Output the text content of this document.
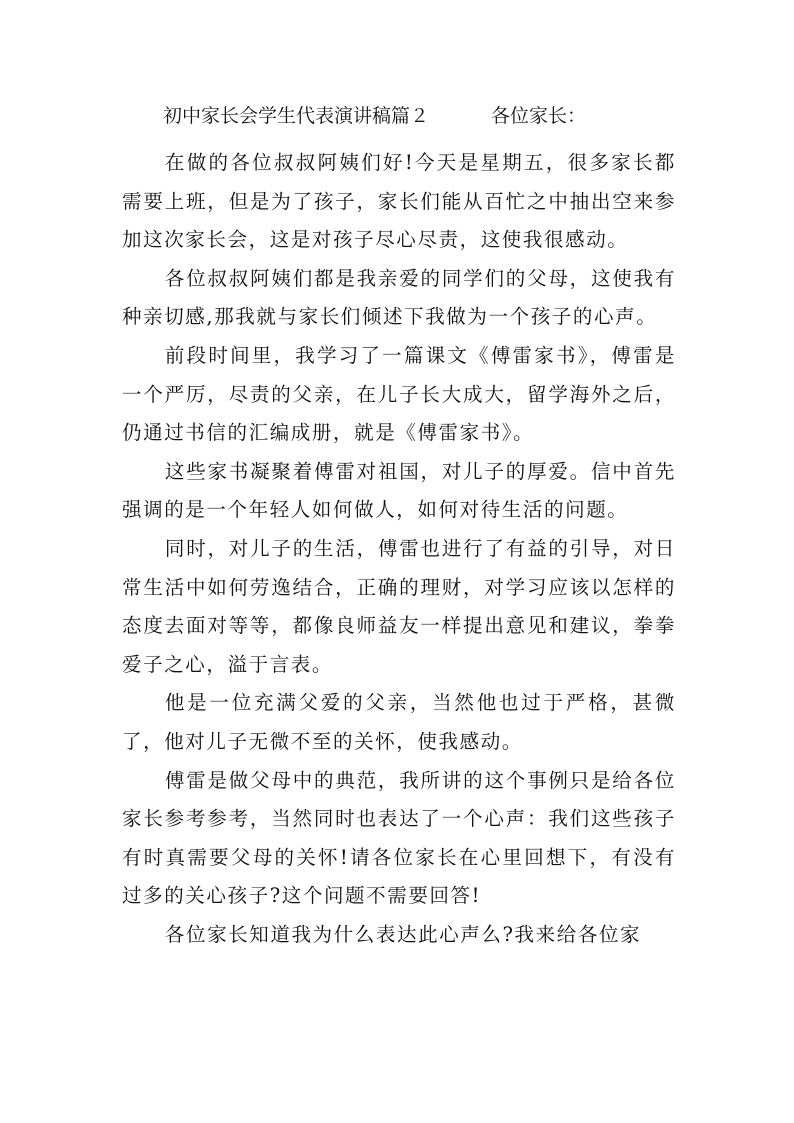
初中家长会学生代表演讲稿篇２	各位家长：

在做的各位叔叔阿姨们好!今天是星期五，很多家长都需要上班，但是为了孩子，家长们能从百忙之中抽出空来参加这次家长会，这是对孩子尽心尽责，这使我很感动。

各位叔叔阿姨们都是我亲爱的同学们的父母，这使我有种亲切感,那我就与家长们倾述下我做为一个孩子的心声。

前段时间里，我学习了一篇课文《傅雷家书》，傅雷是一个严厉，尽责的父亲，在儿子长大成大，留学海外之后，仍通过书信的汇编成册，就是《傅雷家书》。

这些家书凝聚着傅雷对祖国，对儿子的厚爱。信中首先强调的是一个年轻人如何做人，如何对待生活的问题。

同时，对儿子的生活，傅雷也进行了有益的引导，对日常生活中如何劳逸结合，正确的理财，对学习应该以怎样的态度去面对等等，都像良师益友一样提出意见和建议，拳拳爱子之心，溢于言表。

他是一位充满父爱的父亲，当然他也过于严格，甚微了，他对儿子无微不至的关怀，使我感动。

傅雷是做父母中的典范，我所讲的这个事例只是给各位家长参考参考，当然同时也表达了一个心声：我们这些孩子有时真需要父母的关怀!请各位家长在心里回想下，有没有过多的关心孩子?这个问题不需要回答!

各位家长知道我为什么表达此心声么?我来给各位家
